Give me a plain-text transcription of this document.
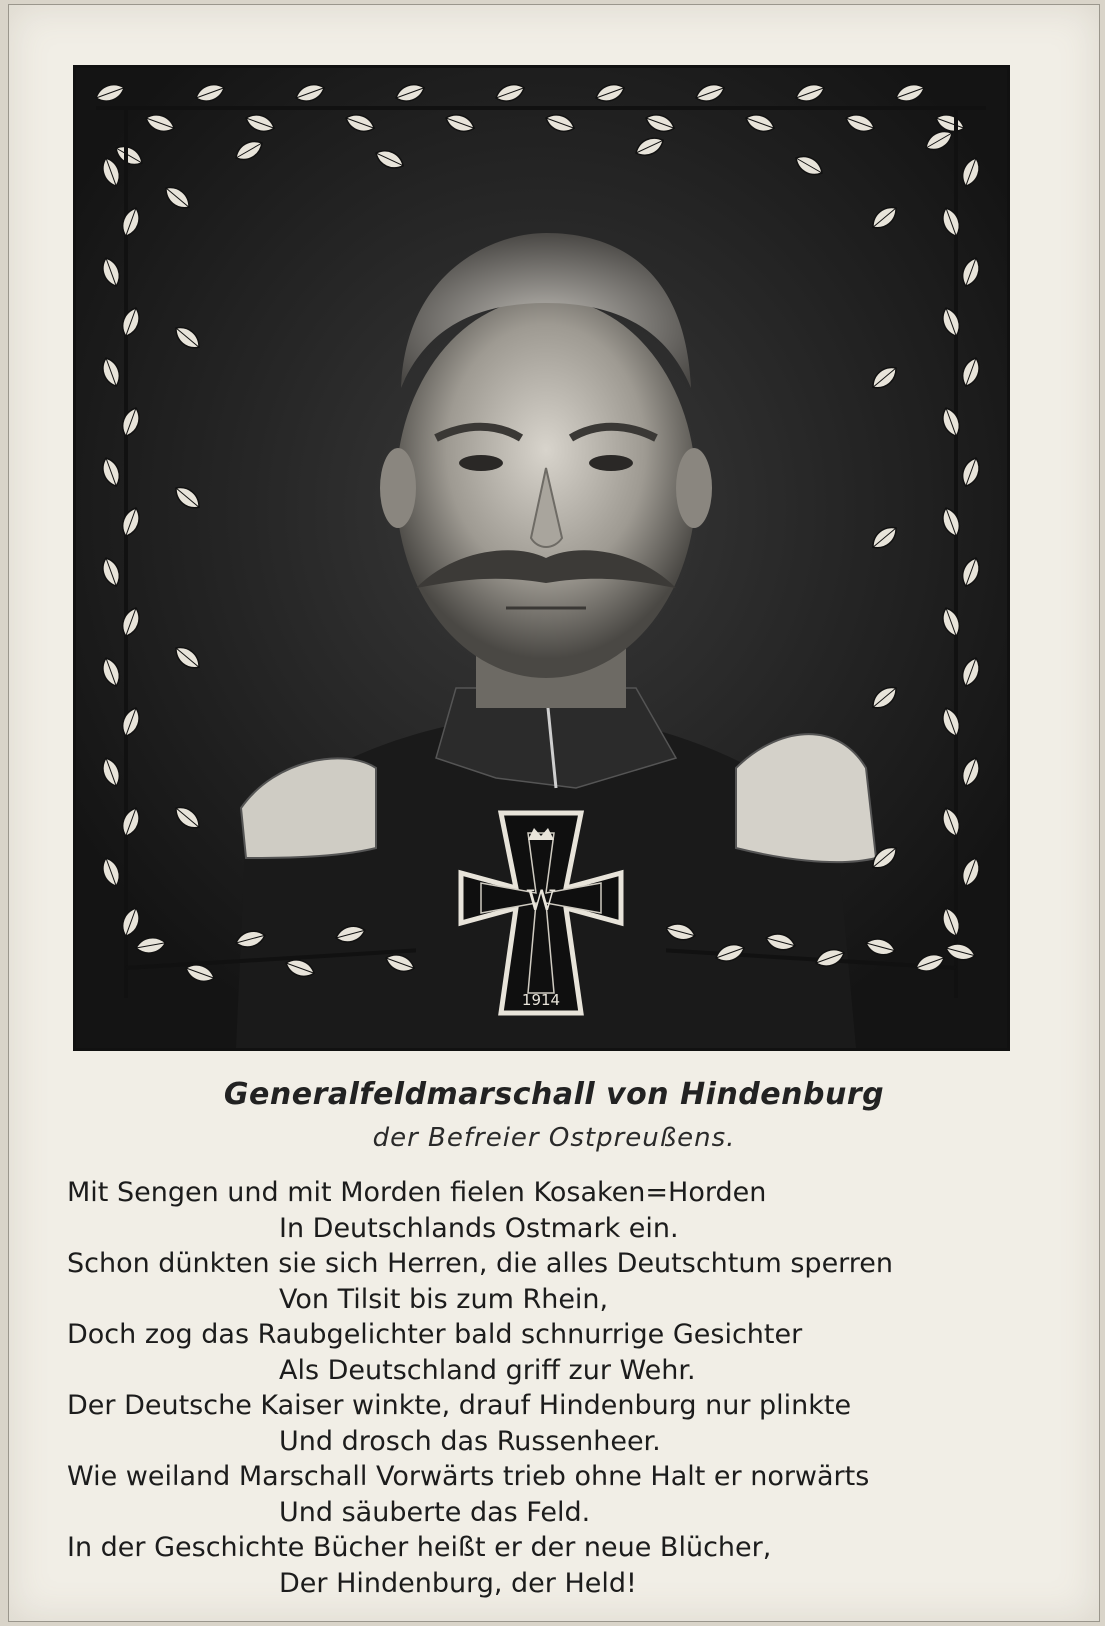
W
1914
Generalfeldmarschall von Hindenburg
der Befreier Ostpreußens.
Mit Sengen und mit Morden fielen Kosaken=Horden
In Deutschlands Ostmark ein.
Schon dünkten sie sich Herren, die alles Deutschtum sperren
Von Tilsit bis zum Rhein,
Doch zog das Raubgelichter bald schnurrige Gesichter
Als Deutschland griff zur Wehr.
Der Deutsche Kaiser winkte, drauf Hindenburg nur plinkte
Und drosch das Russenheer.
Wie weiland Marschall Vorwärts trieb ohne Halt er norwärts
Und säuberte das Feld.
In der Geschichte Bücher heißt er der neue Blücher,
Der Hindenburg, der Held!
